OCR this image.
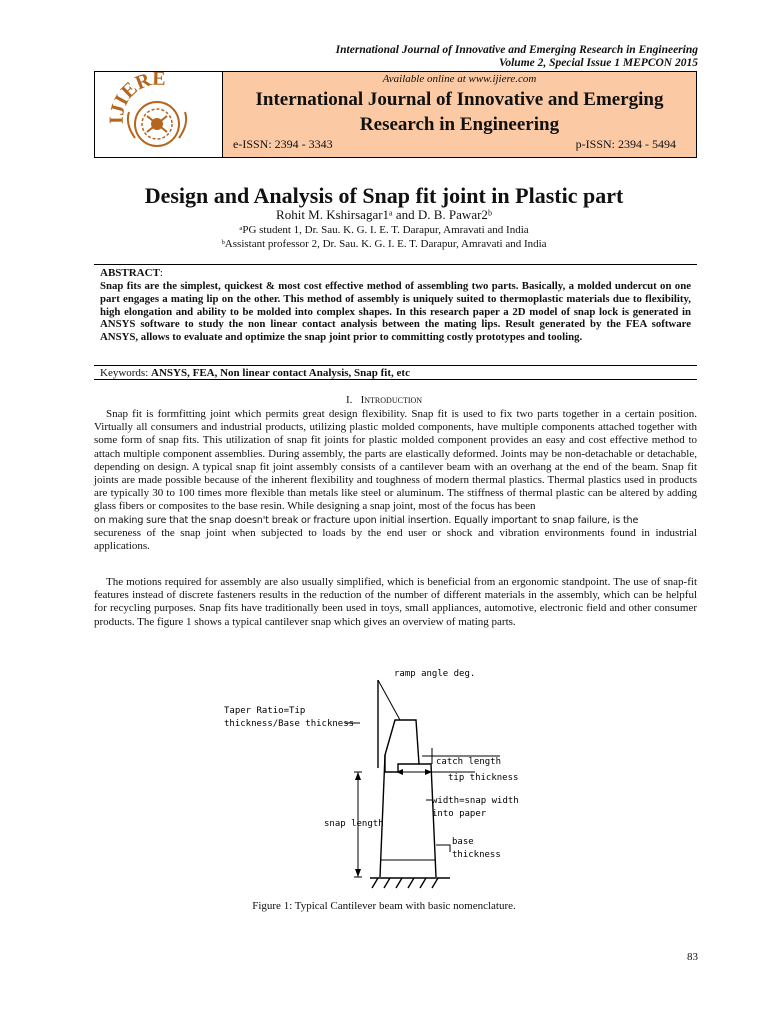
International Journal of Innovative and Emerging Research in Engineering
Volume 2, Special Issue 1 MEPCON 2015
IJIERE	Available online at www.ijiere.com
International Journal of Innovative and Emerging
Research in Engineering
e-ISSN: 2394 - 3343	p-ISSN: 2394 - 5494
Design and Analysis of Snap fit joint in Plastic part
Rohit M. Kshirsagar1ᵃ and D. B. Pawar2ᵇ
ᵃPG student 1, Dr. Sau. K. G. I. E. T. Darapur, Amravati and India
ᵇAssistant professor 2, Dr. Sau. K. G. I. E. T. Darapur, Amravati and India
ABSTRACT:
Snap fits are the simplest, quickest & most cost effective method of assembling two parts. Basically, a molded undercut on one part engages a mating lip on the other. This method of assembly is uniquely suited to thermoplastic materials due to flexibility, high elongation and ability to be molded into complex shapes. In this research paper a 2D model of snap lock is generated in ANSYS software to study the non linear contact analysis between the mating lips. Result generated by the FEA software ANSYS, allows to evaluate and optimize the snap joint prior to committing costly prototypes and tooling.
Keywords: ANSYS, FEA, Non linear contact Analysis, Snap fit, etc
I. Introduction
Snap fit is formfitting joint which permits great design flexibility. Snap fit is used to fix two parts together in a certain position. Virtually all consumers and industrial products, utilizing plastic molded components, have multiple components attached together with some form of snap fits. This utilization of snap fit joints for plastic molded component provides an easy and cost effective method to attach multiple component assemblies. During assembly, the parts are elastically deformed. Joints may be non-detachable or detachable, depending on design. A typical snap fit joint assembly consists of a cantilever beam with an overhang at the end of the beam. Snap fit joints are made possible because of the inherent flexibility and toughness of modern thermal plastics. Thermal plastics used in products are typically 30 to 100 times more flexible than metals like steel or aluminum. The stiffness of thermal plastic can be altered by adding glass fibers or composites to the base resin. While designing a snap joint, most of the focus has been
on making sure that the snap doesn't break or fracture upon initial insertion. Equally important to snap failure, is the
secureness of the snap joint when subjected to loads by the end user or shock and vibration environments found in industrial applications.
The motions required for assembly are also usually simplified, which is beneficial from an ergonomic standpoint. The use of snap-fit features instead of discrete fasteners results in the reduction of the number of different materials in the assembly, which can be helpful for recycling purposes. Snap fits have traditionally been used in toys, small appliances, automotive, electronic field and other consumer products. The figure 1 shows a typical cantilever snap which gives an overview of mating parts.
ramp angle deg.
Taper Ratio=Tip
thickness/Base thickness
catch length
tip thickness
width=snap width
into paper
snap length
base
thickness
Figure 1: Typical Cantilever beam with basic nomenclature.
83
